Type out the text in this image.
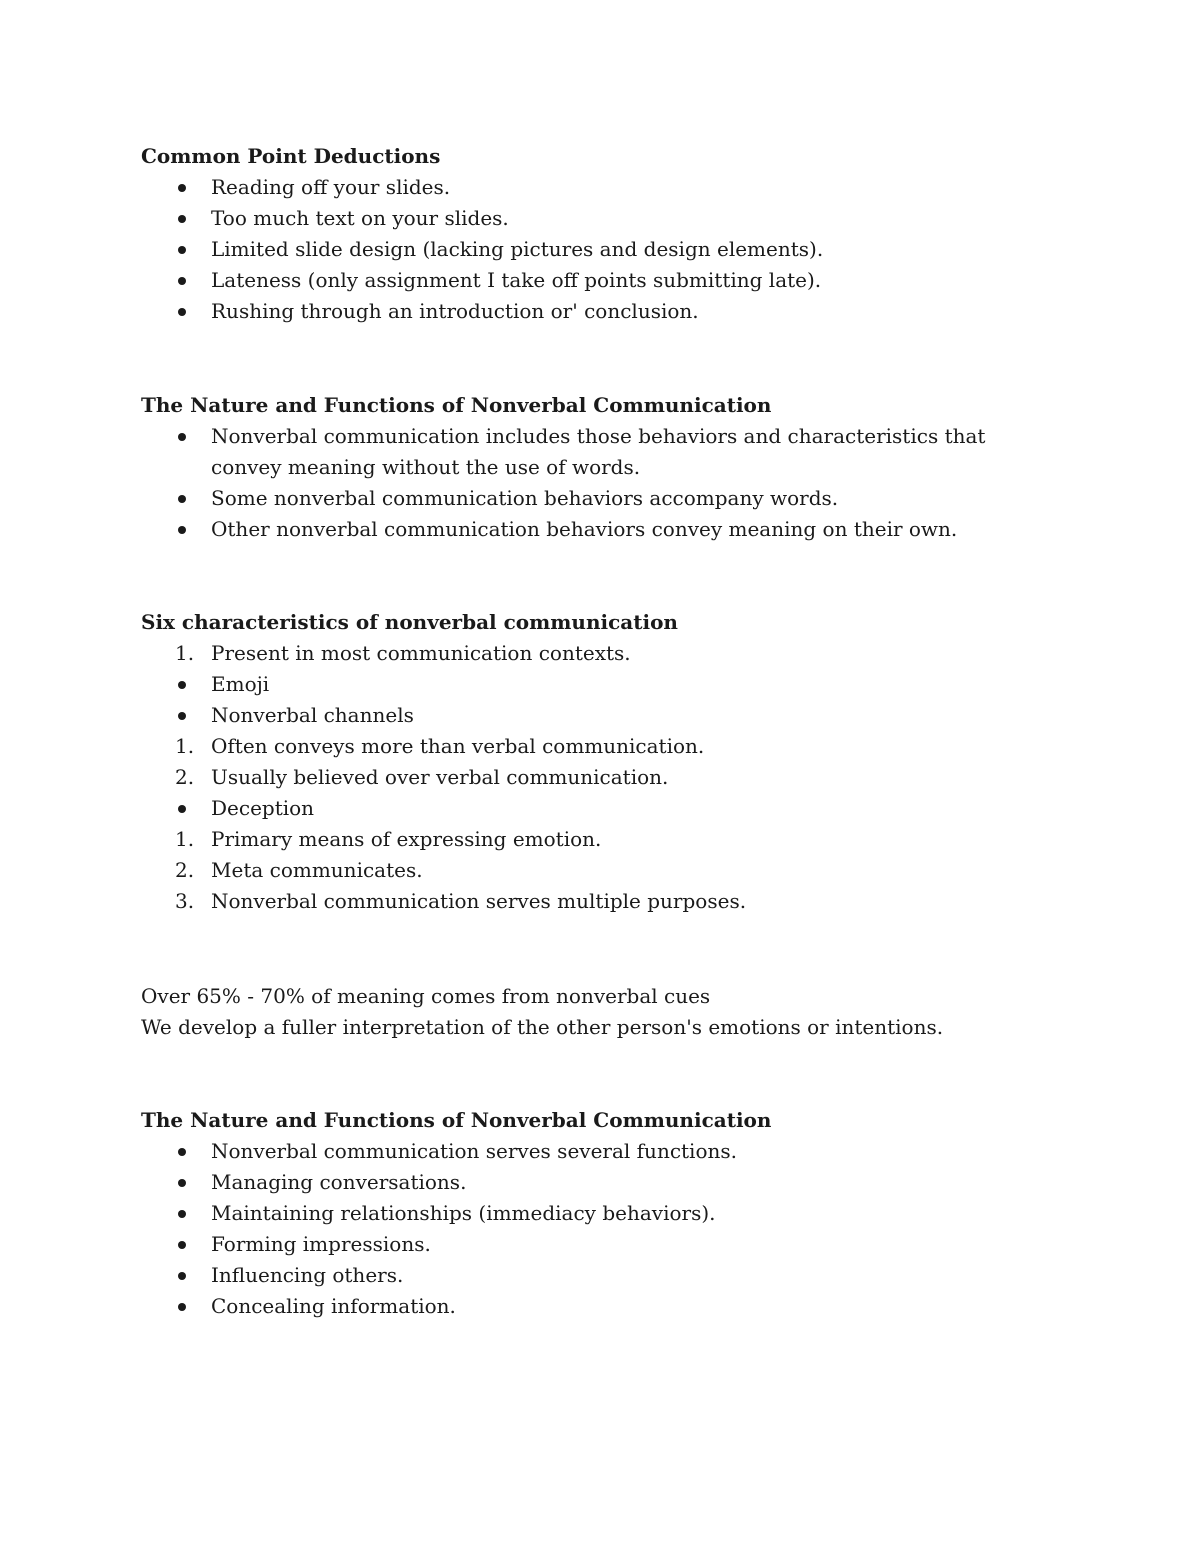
Common Point Deductions
Reading off your slides.
Too much text on your slides.
Limited slide design (lacking pictures and design elements).
Lateness (only assignment I take off points submitting late).
Rushing through an introduction or' conclusion.
The Nature and Functions of Nonverbal Communication
Nonverbal communication includes those behaviors and characteristics that convey meaning without the use of words.
Some nonverbal communication behaviors accompany words.
Other nonverbal communication behaviors convey meaning on their own.
Six characteristics of nonverbal communication
1. Present in most communication contexts.
Emoji
Nonverbal channels
1. Often conveys more than verbal communication.
2. Usually believed over verbal communication.
Deception
1. Primary means of expressing emotion.
2. Meta communicates.
3. Nonverbal communication serves multiple purposes.
Over 65% - 70% of meaning comes from nonverbal cues
We develop a fuller interpretation of the other person's emotions or intentions.
The Nature and Functions of Nonverbal Communication
Nonverbal communication serves several functions.
Managing conversations.
Maintaining relationships (immediacy behaviors).
Forming impressions.
Influencing others.
Concealing information.
